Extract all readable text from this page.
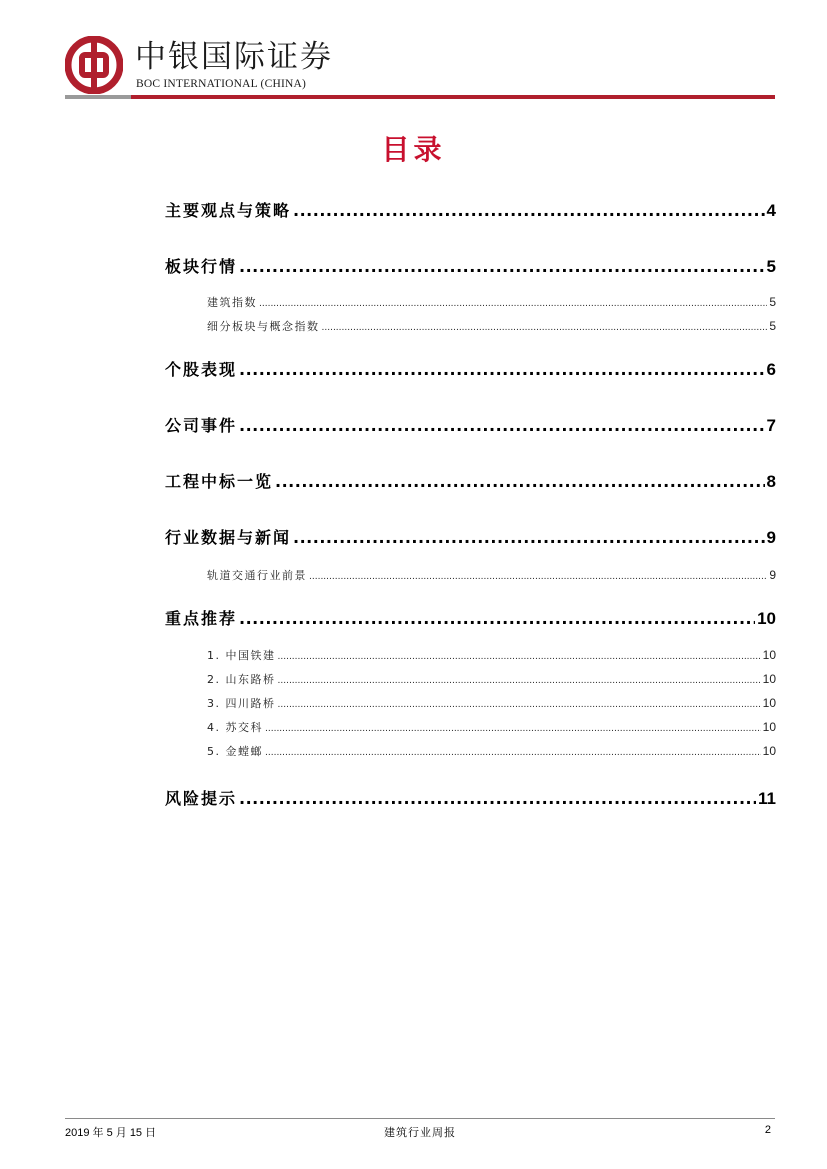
中银国际证券
BOC INTERNATIONAL (CHINA)
目录
主要观点与策略 .....	4
板块行情 .....	5
建筑指数 .....	5
细分板块与概念指数 .....	5
个股表现 .....	6
公司事件 .....	7
工程中标一览 .....	8
行业数据与新闻 .....	9
轨道交通行业前景 .....	9
重点推荐 .....	10
1. 中国铁建 .....	10
2. 山东路桥 .....	10
3. 四川路桥 .....	10
4. 苏交科 .....	10
5. 金螳螂 .....	10
风险提示 .....	11
2019 年 5 月 15 日	建筑行业周报	2
